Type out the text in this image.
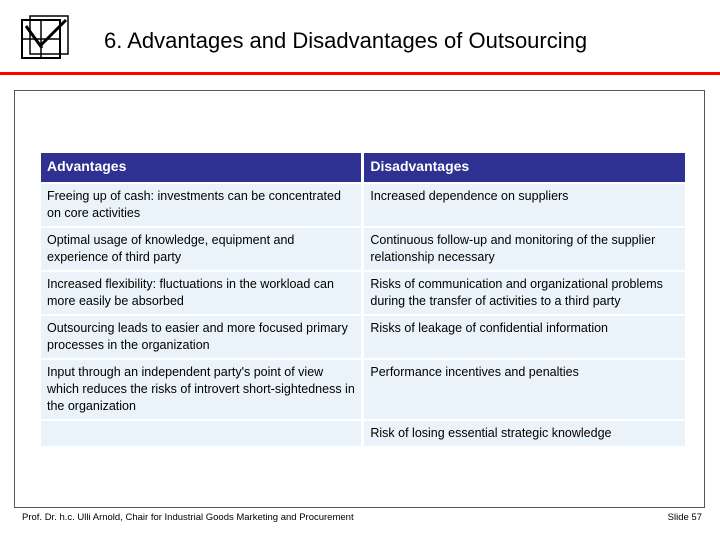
6. Advantages and Disadvantages of Outsourcing
Advantages	Disadvantages
Freeing up of cash: investments can be concentrated on core activities	Increased dependence on suppliers
Optimal usage of knowledge, equipment and experience of third party	Continuous follow-up and monitoring of the supplier relationship necessary
Increased flexibility: fluctuations in the workload can more easily be absorbed	Risks of communication and organizational problems during the transfer of activities to a third party
Outsourcing leads to easier and more focused primary processes in the organization	Risks of leakage of confidential information
Input through an independent party's point of view which reduces the risks of introvert short-sightedness in the organization	Performance incentives and penalties
	Risk of losing essential strategic knowledge
Prof. Dr. h.c. Ulli Arnold, Chair for Industrial Goods Marketing and Procurement	Slide 57
